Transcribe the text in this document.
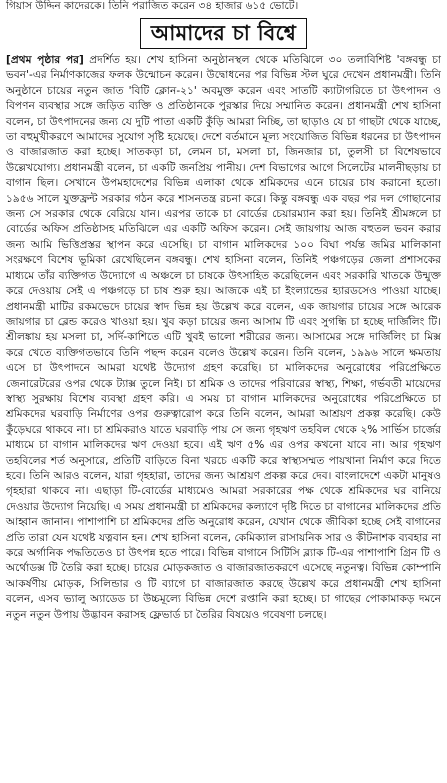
গিয়াস উদ্দিন কাদেরকে। তিনি পরাজিত করেন ৩৪ হাজার ৬১৫ ভোটে।
আমাদের চা বিশ্বে
[প্রথম পৃষ্ঠার পর] প্রদর্শিত হয়। শেখ হাসিনা অনুষ্ঠানস্থল থেকে মতিঝিলে ৩০ তলাবিশিষ্ট 'বঙ্গবন্ধু চা ভবন'-এর নির্মাণকাজের ফলক উন্মোচন করেন। উদ্বোধনের পর বিভিন্ন স্টল ঘুরে দেখেন প্রধানমন্ত্রী। তিনি অনুষ্ঠানে চায়ের নতুন জাত 'বিটি ক্লোন-২১' অবমুক্ত করেন এবং সাতটি ক্যাটাগরিতে চা উৎপাদন ও বিপণন ব্যবস্থার সঙ্গে জড়িত ব্যক্তি ও প্রতিষ্ঠানকে পুরস্কার দিয়ে সম্মানিত করেন। প্রধানমন্ত্রী শেখ হাসিনা বলেন, চা উৎপাদনের জন্য যে দুটি পাতা একটি কুঁড়ি আমরা নিচ্ছি, তা ছাড়াও যে চা গাছটা থেকে যাচ্ছে, তা বহুমুখীকরণে আমাদের সুযোগ সৃষ্টি হয়েছে। দেশে বর্তমানে মূল্য সংযোজিত বিভিন্ন ধরনের চা উৎপাদন ও বাজারজাত করা হচ্ছে। সাতকড়া চা, লেমন চা, মসলা চা, জিনজার চা, তুলসী চা বিশেষভাবে উল্লেখযোগ্য। প্রধানমন্ত্রী বলেন, চা একটি জনপ্রিয় পানীয়। দেশ বিভাগের আগে সিলেটের মালনীছড়ায় চা বাগান ছিল। সেখানে উপমহাদেশের বিভিন্ন এলাকা থেকে শ্রমিকদের এনে চায়ের চাষ করানো হতো। ১৯৫৬ সালে যুক্তফ্রন্ট সরকার গঠন করে শাসনতন্ত্র রচনা করে। কিন্তু বঙ্গবন্ধু এক বছর পর দল গোছানোর জন্য সে সরকার থেকে বেরিয়ে যান। এরপর তাকে চা বোর্ডের চেয়ারম্যান করা হয়। তিনিই শ্রীমঙ্গলে চা বোর্ডের অফিস প্রতিষ্ঠাসহ মতিঝিলে এর একটি অফিস করেন। সেই জায়গায় আজ বহুতল ভবন করার জন্য আমি ভিত্তিপ্রস্তর স্থাপন করে এসেছি। চা বাগান মালিকদের ১০০ বিঘা পর্যন্ত জমির মালিকানা সংরক্ষণে বিশেষ ভূমিকা রেখেছিলেন বঙ্গবন্ধু। শেখ হাসিনা বলেন, তিনিই পঞ্চগড়ের জেলা প্রশাসকের মাধ্যমে তাঁর ব্যক্তিগত উদ্যোগে এ অঞ্চলে চা চাষকে উৎসাহিত করেছিলেন এবং সরকারি খাতকে উন্মুক্ত করে দেওয়ায় সেই এ পঞ্চগড়ে চা চাষ শুরু হয়। আজকে এই চা ইংল্যান্ডের হ্যারডসেও পাওয়া যাচ্ছে। প্রধানমন্ত্রী মাটির রকমভেদে চায়ের স্বাদ ভিন্ন হয় উল্লেখ করে বলেন, এক জায়গার চায়ের সঙ্গে আরেক জায়গার চা ব্লেন্ড করেও খাওয়া হয়। খুব কড়া চায়ের জন্য আসাম টি এবং সুগন্ধি চা হচ্ছে দার্জিলিং টি। শ্রীলঙ্কায় হয় মসলা চা, সর্দি-কাশিতে এটি খুবই ভালো শরীরের জন্য। আসামের সঙ্গে দার্জিলিং চা মিক্স করে খেতে ব্যক্তিগতভাবে তিনি পছন্দ করেন বলেও উল্লেখ করেন। তিনি বলেন, ১৯৯৬ সালে ক্ষমতায় এসে চা উৎপাদনে আমরা যথেষ্ট উদ্যোগ গ্রহণ করেছি। চা মালিকদের অনুরোধের পরিপ্রেক্ষিতে জেনারেটরের ওপর থেকে ট্যাক্স তুলে নিই। চা শ্রমিক ও তাদের পরিবারের স্বাস্থ্য, শিক্ষা, গর্ভবতী মায়েদের স্বাস্থ্য সুরক্ষায় বিশেষ ব্যবস্থা গ্রহণ করি। এ সময় চা বাগান মালিকদের অনুরোধের পরিপ্রেক্ষিতে চা শ্রমিকদের ঘরবাড়ি নির্মাণের ওপর গুরুত্বারোপ করে তিনি বলেন, আমরা আশ্রয়ণ প্রকল্প করেছি। কেউ কুঁড়েঘরে থাকবে না। চা শ্রমিকরাও যাতে ঘরবাড়ি পায় সে জন্য গৃহঋণ তহবিল থেকে ২% সার্ভিস চার্জের মাধ্যমে চা বাগান মালিকদের ঋণ দেওয়া হবে। এই ঋণ ৫% এর ওপর কখনো যাবে না। আর গৃহঋণ তহবিলের শর্ত অনুসারে, প্রতিটি বাড়িতে বিনা খরচে একটি করে স্বাস্থ্যসম্মত পায়খানা নির্মাণ করে দিতে হবে। তিনি আরও বলেন, যারা গৃহহারা, তাদের জন্য আশ্রয়ণ প্রকল্প করে দেব। বাংলাদেশে একটা মানুষও গৃহহারা থাকবে না। এছাড়া টি-বোর্ডের মাধ্যমেও আমরা সরকারের পক্ষ থেকে শ্রমিকদের ঘর বানিয়ে দেওয়ার উদ্যোগ নিয়েছি। এ সময় প্রধানমন্ত্রী চা শ্রমিকদের কল্যাণে দৃষ্টি দিতে চা বাগানের মালিকদের প্রতি আহ্বান জানান। পাশাপাশি চা শ্রমিকদের প্রতি অনুরোধ করেন, যেখান থেকে জীবিকা হচ্ছে সেই বাগানের প্রতি তারা যেন যথেষ্ট যত্নবান হন। শেখ হাসিনা বলেন, কেমিক্যাল রাসায়নিক সার ও কীটনাশক ব্যবহার না করে অর্গানিক পদ্ধতিতেও চা উৎপন্ন হতে পারে। বিভিন্ন বাগানে সিটিসি ব্ল্যাক টি-এর পাশাপাশি গ্রিন টি ও অর্থোডক্স টি তৈরি করা হচ্ছে। চায়ের মোড়কজাত ও বাজারজাতকরণে এসেছে নতুনত্ব। বিভিন্ন কোম্পানি আকর্ষণীয় মোড়ক, সিলিন্ডার ও টি ব্যাগে চা বাজারজাত করছে উল্লেখ করে প্রধানমন্ত্রী শেখ হাসিনা বলেন, এসব ভ্যালু অ্যাডেড চা উচ্চমূল্যে বিভিন্ন দেশে রপ্তানি করা হচ্ছে। চা গাছের পোকামাকড় দমনে নতুন নতুন উপায় উদ্ভাবন করাসহ ফ্লেভার্ড চা তৈরির বিষয়েও গবেষণা চলছে।
